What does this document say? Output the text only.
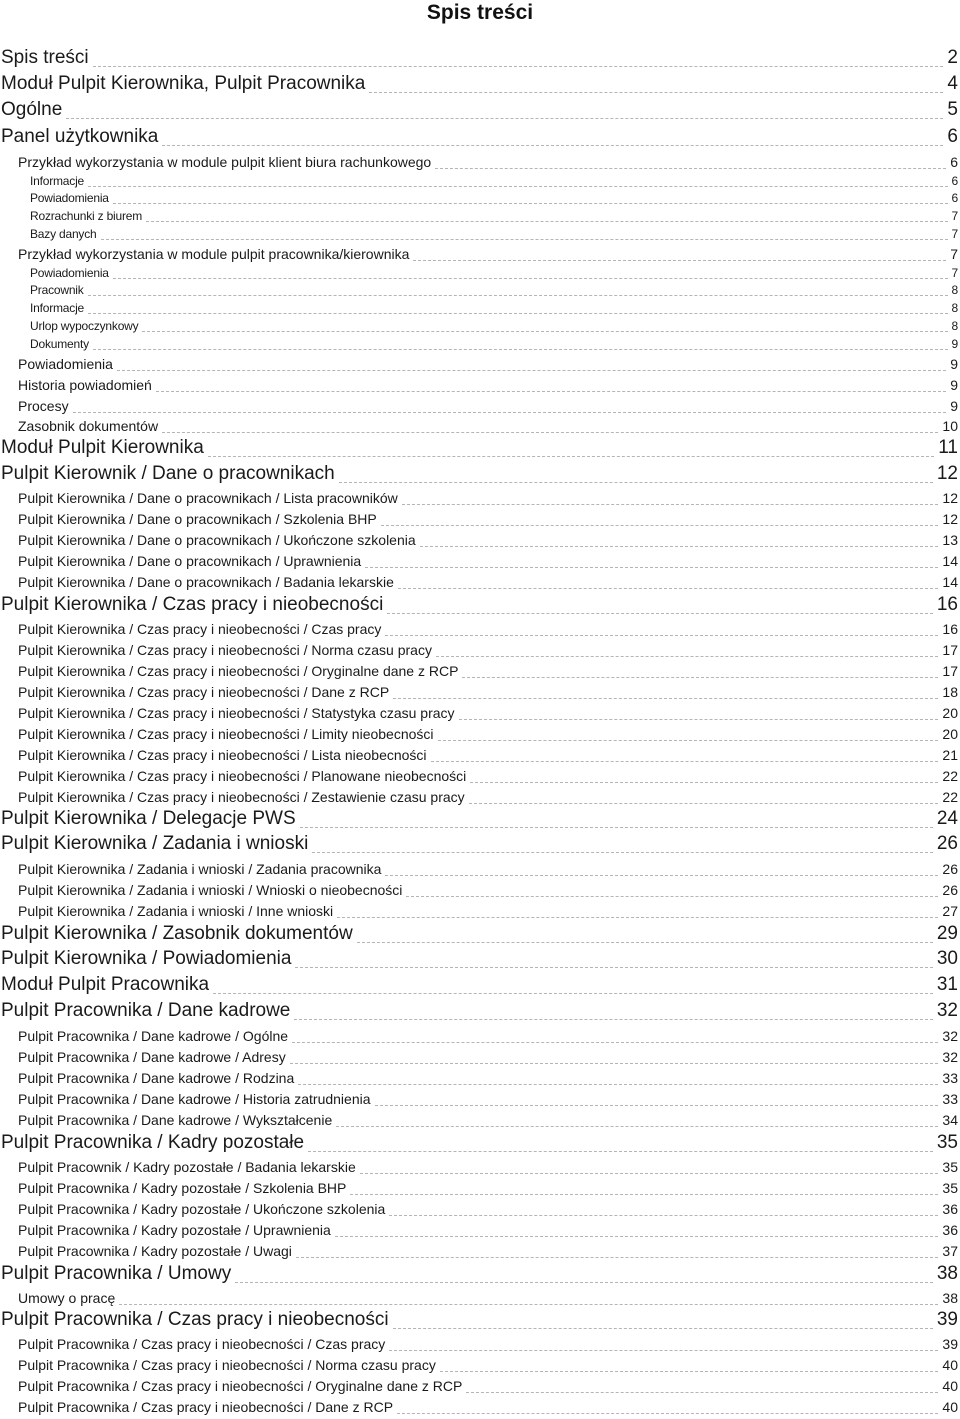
Spis treści
Spis treści	2
Moduł Pulpit Kierownika, Pulpit Pracownika	4
Ogólne	5
Panel użytkownika	6
Przykład wykorzystania w module pulpit klient biura rachunkowego	6
Informacje	6
Powiadomienia	6
Rozrachunki z biurem	7
Bazy danych	7
Przykład wykorzystania w module pulpit pracownika/kierownika	7
Powiadomienia	7
Pracownik	8
Informacje	8
Urlop wypoczynkowy	8
Dokumenty	9
Powiadomienia	9
Historia powiadomień	9
Procesy	9
Zasobnik dokumentów	10
Moduł Pulpit Kierownika	11
Pulpit Kierownik / Dane o pracownikach	12
Pulpit Kierownika / Dane o pracownikach / Lista pracowników	12
Pulpit Kierownika / Dane o pracownikach / Szkolenia BHP	12
Pulpit Kierownika / Dane o pracownikach / Ukończone szkolenia	13
Pulpit Kierownika / Dane o pracownikach / Uprawnienia	14
Pulpit Kierownika / Dane o pracownikach / Badania lekarskie	14
Pulpit Kierownika / Czas pracy i nieobecności	16
Pulpit Kierownika / Czas pracy i nieobecności / Czas pracy	16
Pulpit Kierownika / Czas pracy i nieobecności / Norma czasu pracy	17
Pulpit Kierownika / Czas pracy i nieobecności / Oryginalne dane z RCP	17
Pulpit Kierownika / Czas pracy i nieobecności / Dane z RCP	18
Pulpit Kierownika / Czas pracy i nieobecności / Statystyka czasu pracy	20
Pulpit Kierownika / Czas pracy i nieobecności / Limity nieobecności	20
Pulpit Kierownika / Czas pracy i nieobecności / Lista nieobecności	21
Pulpit Kierownika / Czas pracy i nieobecności / Planowane nieobecności	22
Pulpit Kierownika / Czas pracy i nieobecności / Zestawienie czasu pracy	22
Pulpit Kierownika / Delegacje PWS	24
Pulpit Kierownika / Zadania i wnioski	26
Pulpit Kierownika / Zadania i wnioski / Zadania pracownika	26
Pulpit Kierownika / Zadania i wnioski / Wnioski o nieobecności	26
Pulpit Kierownika / Zadania i wnioski / Inne wnioski	27
Pulpit Kierownika / Zasobnik dokumentów	29
Pulpit Kierownika / Powiadomienia	30
Moduł Pulpit Pracownika	31
Pulpit Pracownika / Dane kadrowe	32
Pulpit Pracownika / Dane kadrowe / Ogólne	32
Pulpit Pracownika / Dane kadrowe / Adresy	32
Pulpit Pracownika / Dane kadrowe / Rodzina	33
Pulpit Pracownika / Dane kadrowe / Historia zatrudnienia	33
Pulpit Pracownika / Dane kadrowe / Wykształcenie	34
Pulpit Pracownika / Kadry pozostałe	35
Pulpit Pracownik / Kadry pozostałe / Badania lekarskie	35
Pulpit Pracownika / Kadry pozostałe / Szkolenia BHP	35
Pulpit Pracownika / Kadry pozostałe / Ukończone szkolenia	36
Pulpit Pracownika / Kadry pozostałe / Uprawnienia	36
Pulpit Pracownika / Kadry pozostałe / Uwagi	37
Pulpit Pracownika / Umowy	38
Umowy o pracę	38
Pulpit Pracownika / Czas pracy i nieobecności	39
Pulpit Pracownika / Czas pracy i nieobecności / Czas pracy	39
Pulpit Pracownika / Czas pracy i nieobecności / Norma czasu pracy	40
Pulpit Pracownika / Czas pracy i nieobecności / Oryginalne dane z RCP	40
Pulpit Pracownika / Czas pracy i nieobecności / Dane z RCP	40
